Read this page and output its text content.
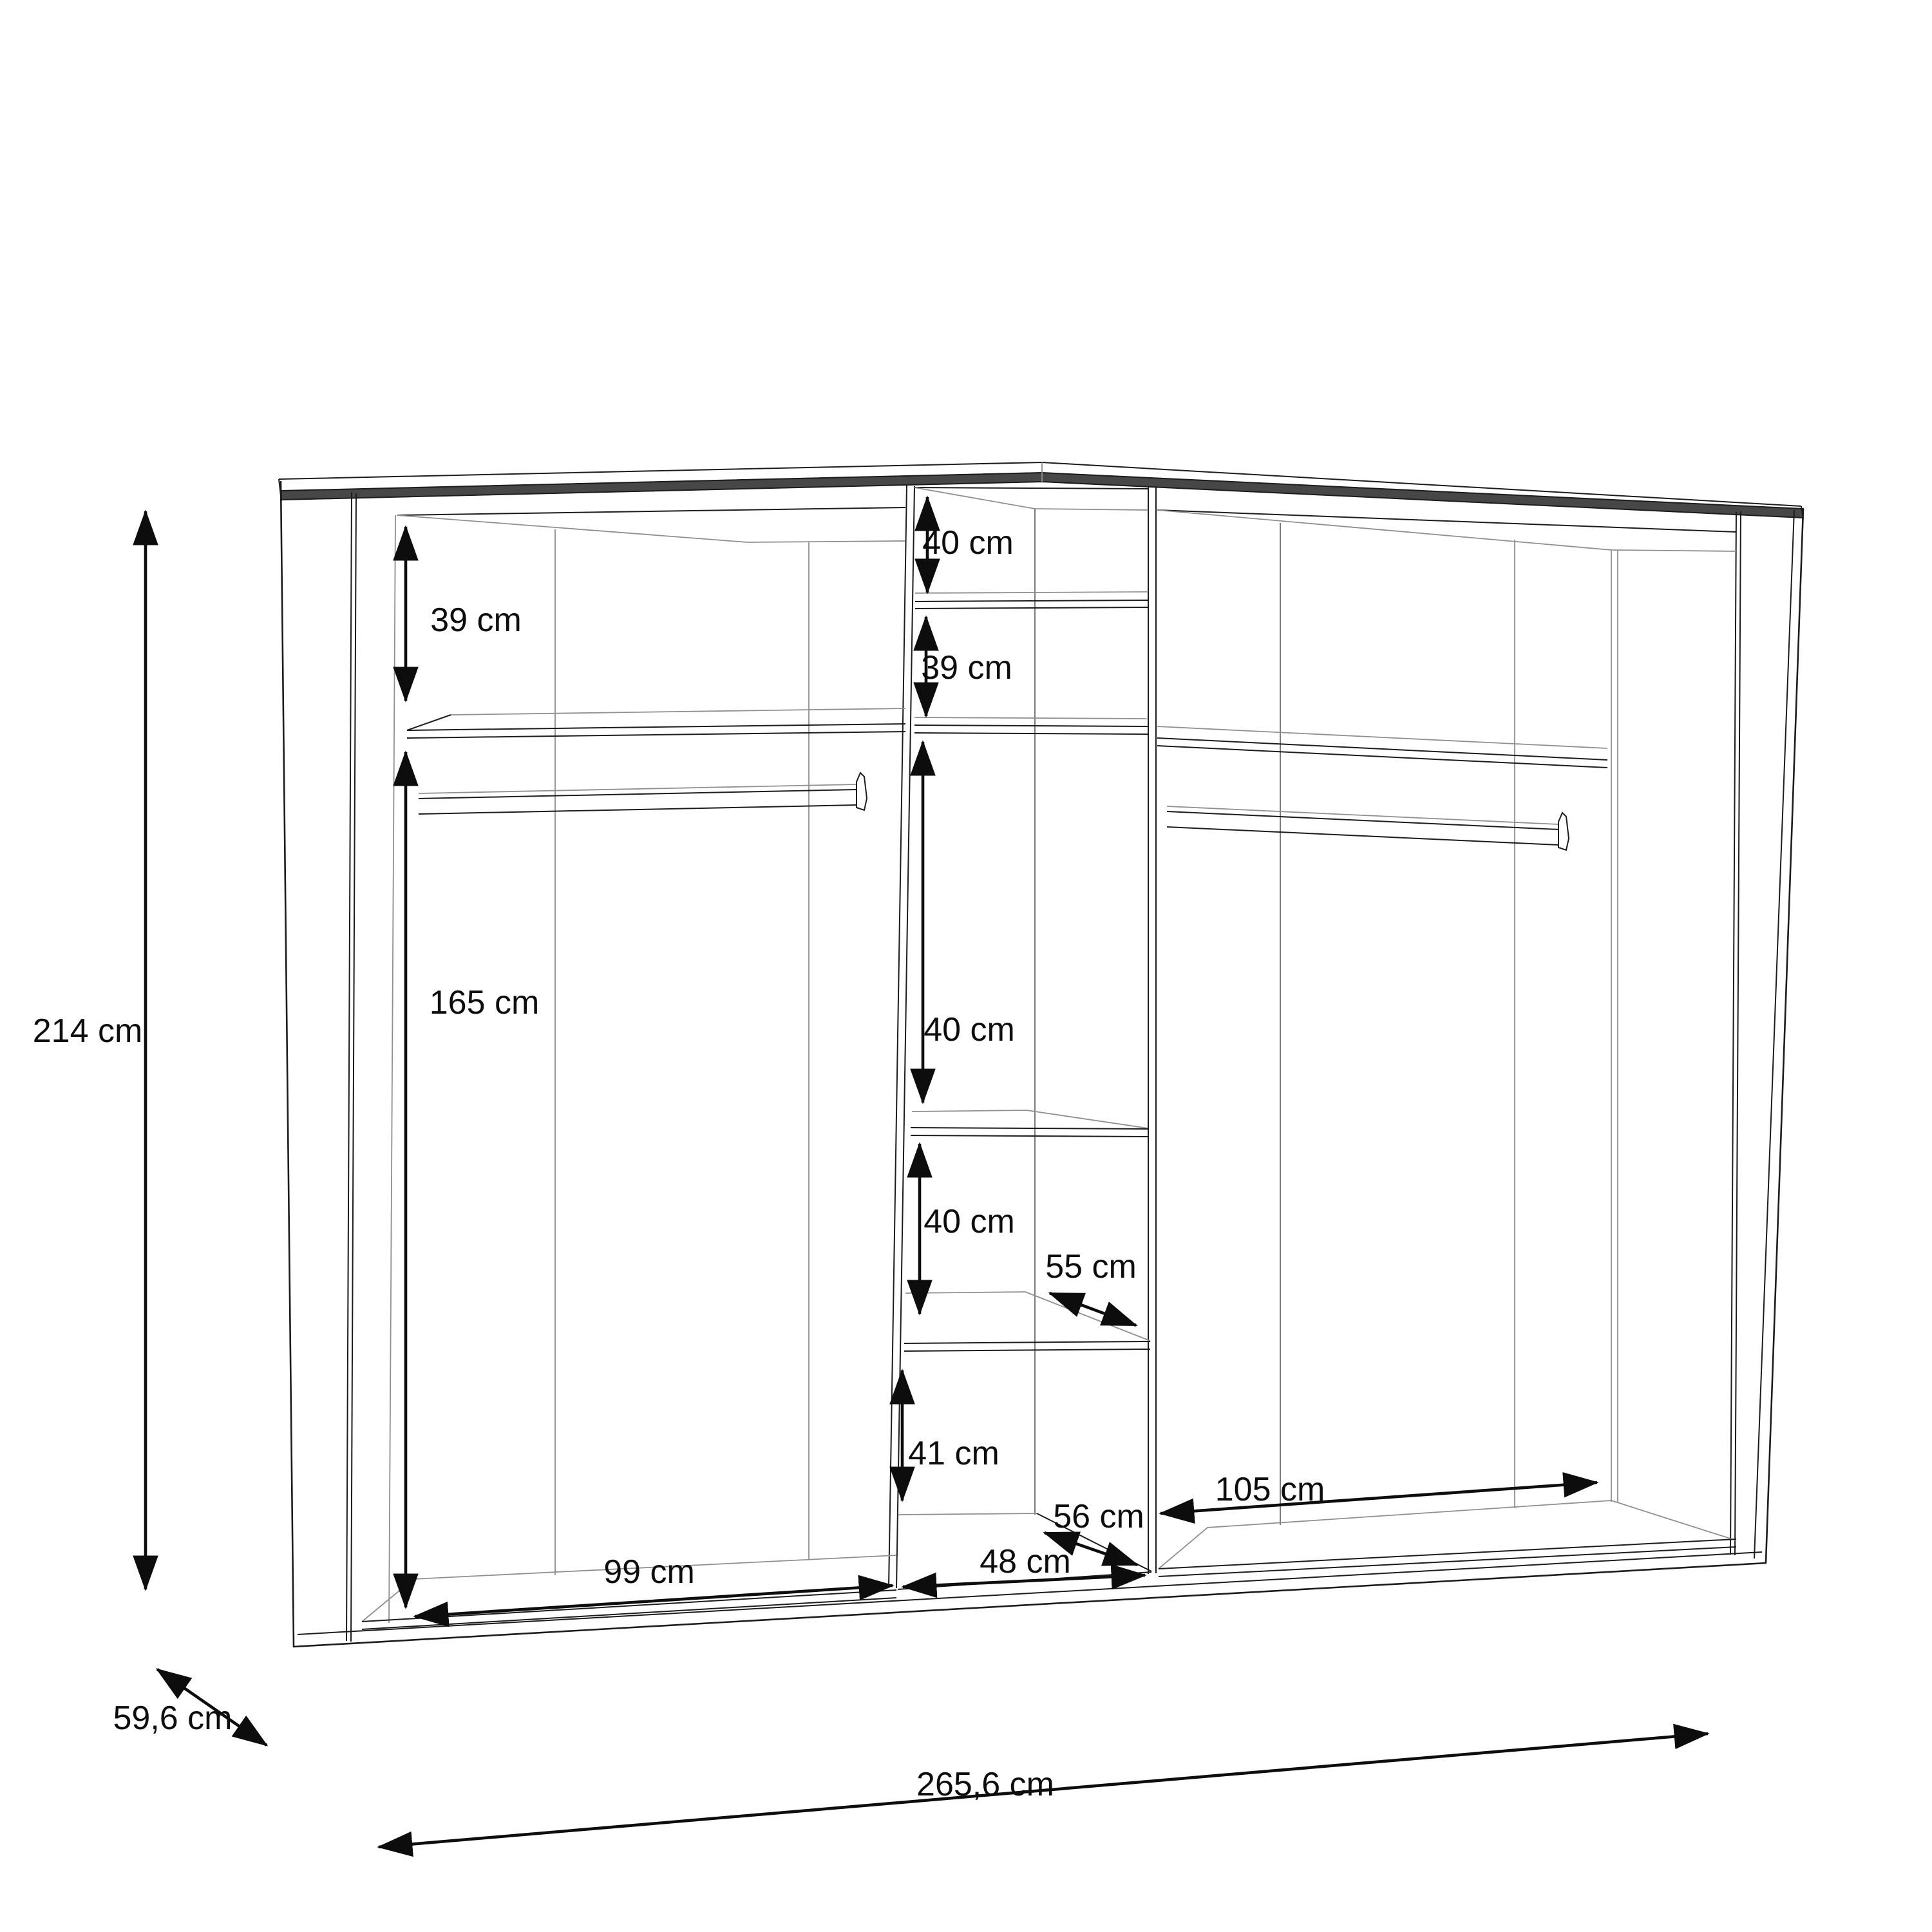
214 cm
59,6 cm
265,6 cm
39 cm
165 cm
99 cm
40 cm
39 cm
40 cm
40 cm
41 cm
55 cm
56 cm
48 cm
105 cm
